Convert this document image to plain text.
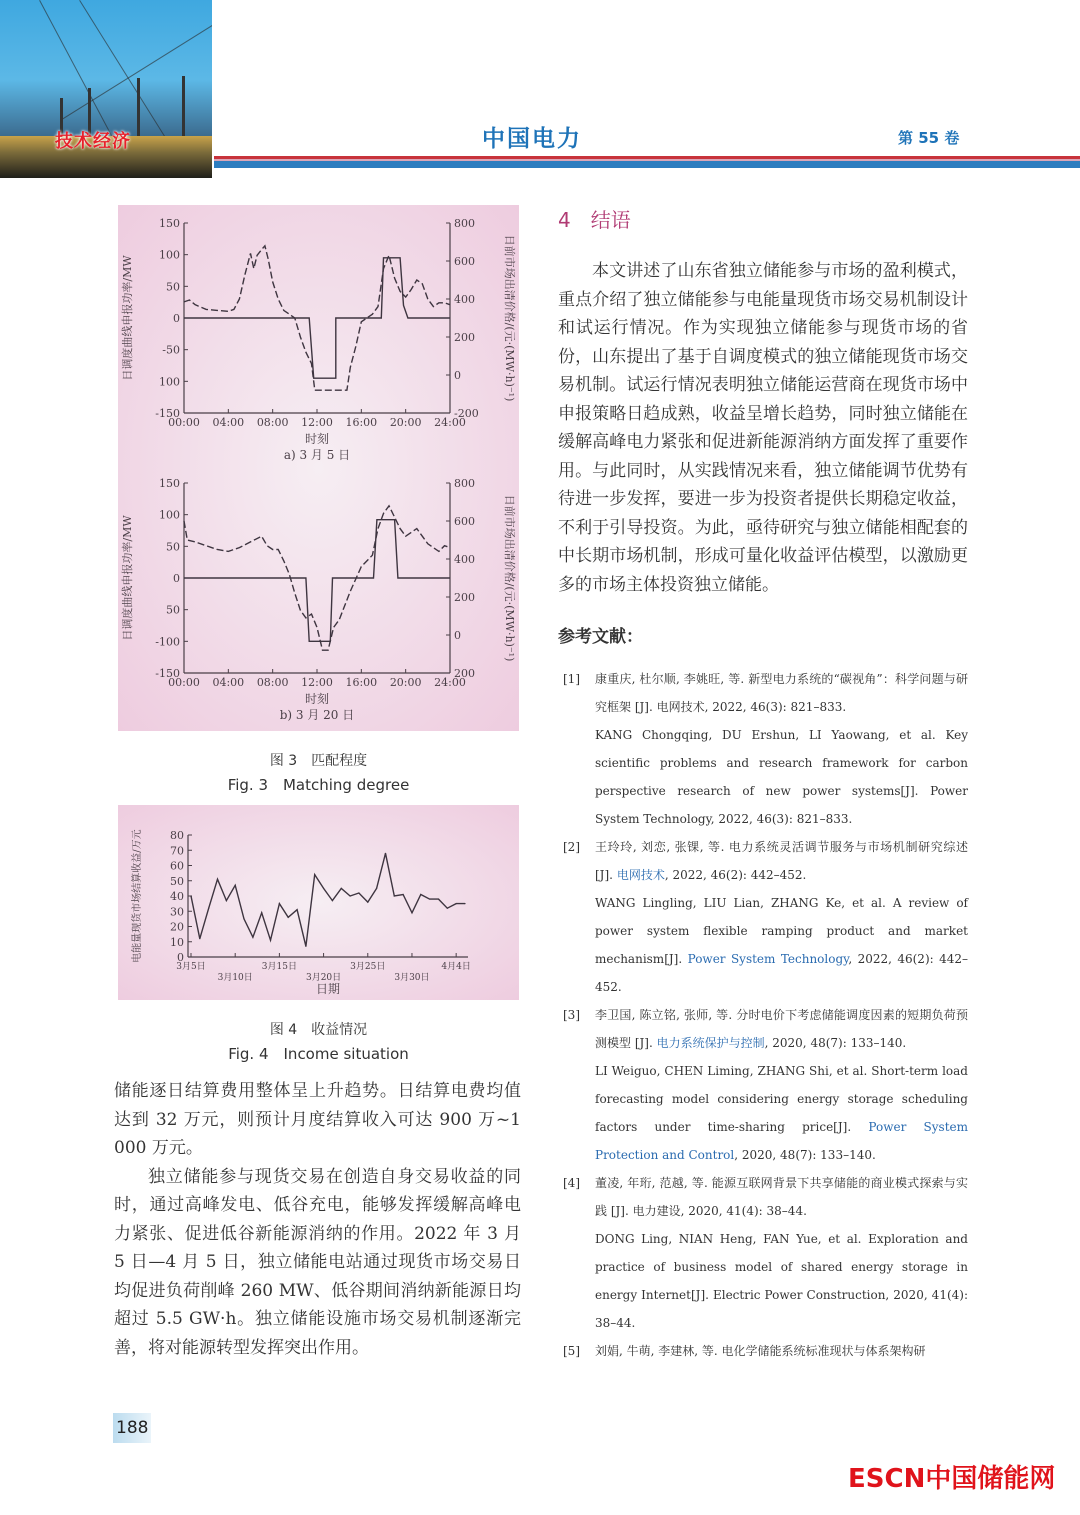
技术经济	中国电力	第 55 卷
150
100
50
0
-50
100
-150
800
600
400
200
0
-200
00:00 04:00 08:00 12:00 16:00 20:00 24:00
时刻
a) 3 月 5 日
日调度曲线申报功率/MW	日前市场出清价格/(元·(MW·h)⁻¹)
150
100
50
0
50
-100
-150
800
600
400
200
0
200
00:00 04:00 08:00 12:00 16:00 20:00 24:00
时刻
b) 3 月 20 日
日调度曲线申报功率/MW	日前市场出清价格/(元·(MW·h)⁻¹)
图 3　匹配程度
Fig. 3　Matching degree
0
10
20
30
40
50
60
70
80
3月5日
3月10日
3月15日
3月20日
3月25日
3月30日
4月4日
日期
电能量现货市场结算收益/万元
图 4　收益情况
Fig. 4　Income situation

储能逐日结算费用整体呈上升趋势。日结算电费均值达到 32 万元，则预计月度结算收入可达 900 万~1 000 万元。

独立储能参与现货交易在创造自身交易收益的同时，通过高峰发电、低谷充电，能够发挥缓解高峰电力紧张、促进低谷新能源消纳的作用。2022 年 3 月 5 日—4 月 5 日，独立储能电站通过现货市场交易日均促进负荷削峰 260 MW、低谷期间消纳新能源日均超过 5.5 GW·h。独立储能设施市场交易机制逐渐完善，将对能源转型发挥突出作用。

4　结语

本文讲述了山东省独立储能参与市场的盈利模式，重点介绍了独立储能参与电能量现货市场交易机制设计和试运行情况。作为实现独立储能参与现货市场的省份，山东提出了基于自调度模式的独立储能现货市场交易机制。试运行情况表明独立储能运营商在现货市场中申报策略日趋成熟，收益呈增长趋势，同时独立储能在缓解高峰电力紧张和促进新能源消纳方面发挥了重要作用。与此同时，从实践情况来看，独立储能调节优势有待进一步发挥，要进一步为投资者提供长期稳定收益，不利于引导投资。为此，亟待研究与独立储能相配套的中长期市场机制，形成可量化收益评估模型，以激励更多的市场主体投资独立储能。

参考文献：
[1] 康重庆, 杜尔顺, 李姚旺, 等. 新型电力系统的“碳视角”：科学问题与研究框架 [J]. 电网技术, 2022, 46(3): 821–833.
KANG Chongqing, DU Ershun, LI Yaowang, et al. Key scientific problems and research framework for carbon perspective research of new power systems[J]. Power System Technology, 2022, 46(3): 821–833.
[2] 王玲玲, 刘恋, 张锞, 等. 电力系统灵活调节服务与市场机制研究综述 [J]. 电网技术, 2022, 46(2): 442–452.
WANG Lingling, LIU Lian, ZHANG Ke, et al. A review of power system flexible ramping product and market mechanism[J]. Power System Technology, 2022, 46(2): 442–452.
[3] 李卫国, 陈立铭, 张师, 等. 分时电价下考虑储能调度因素的短期负荷预测模型 [J]. 电力系统保护与控制, 2020, 48(7): 133–140.
LI Weiguo, CHEN Liming, ZHANG Shi, et al. Short-term load forecasting model considering energy storage scheduling factors under time-sharing price[J]. Power System Protection and Control, 2020, 48(7): 133–140.
[4] 董凌, 年珩, 范越, 等. 能源互联网背景下共享储能的商业模式探索与实践 [J]. 电力建设, 2020, 41(4): 38–44.
DONG Ling, NIAN Heng, FAN Yue, et al. Exploration and practice of business model of shared energy storage in energy Internet[J]. Electric Power Construction, 2020, 41(4): 38–44.
[5] 刘娟, 牛萌, 李建林, 等. 电化学储能系统标准现状与体系架构研
188
ESCN中国储能网
